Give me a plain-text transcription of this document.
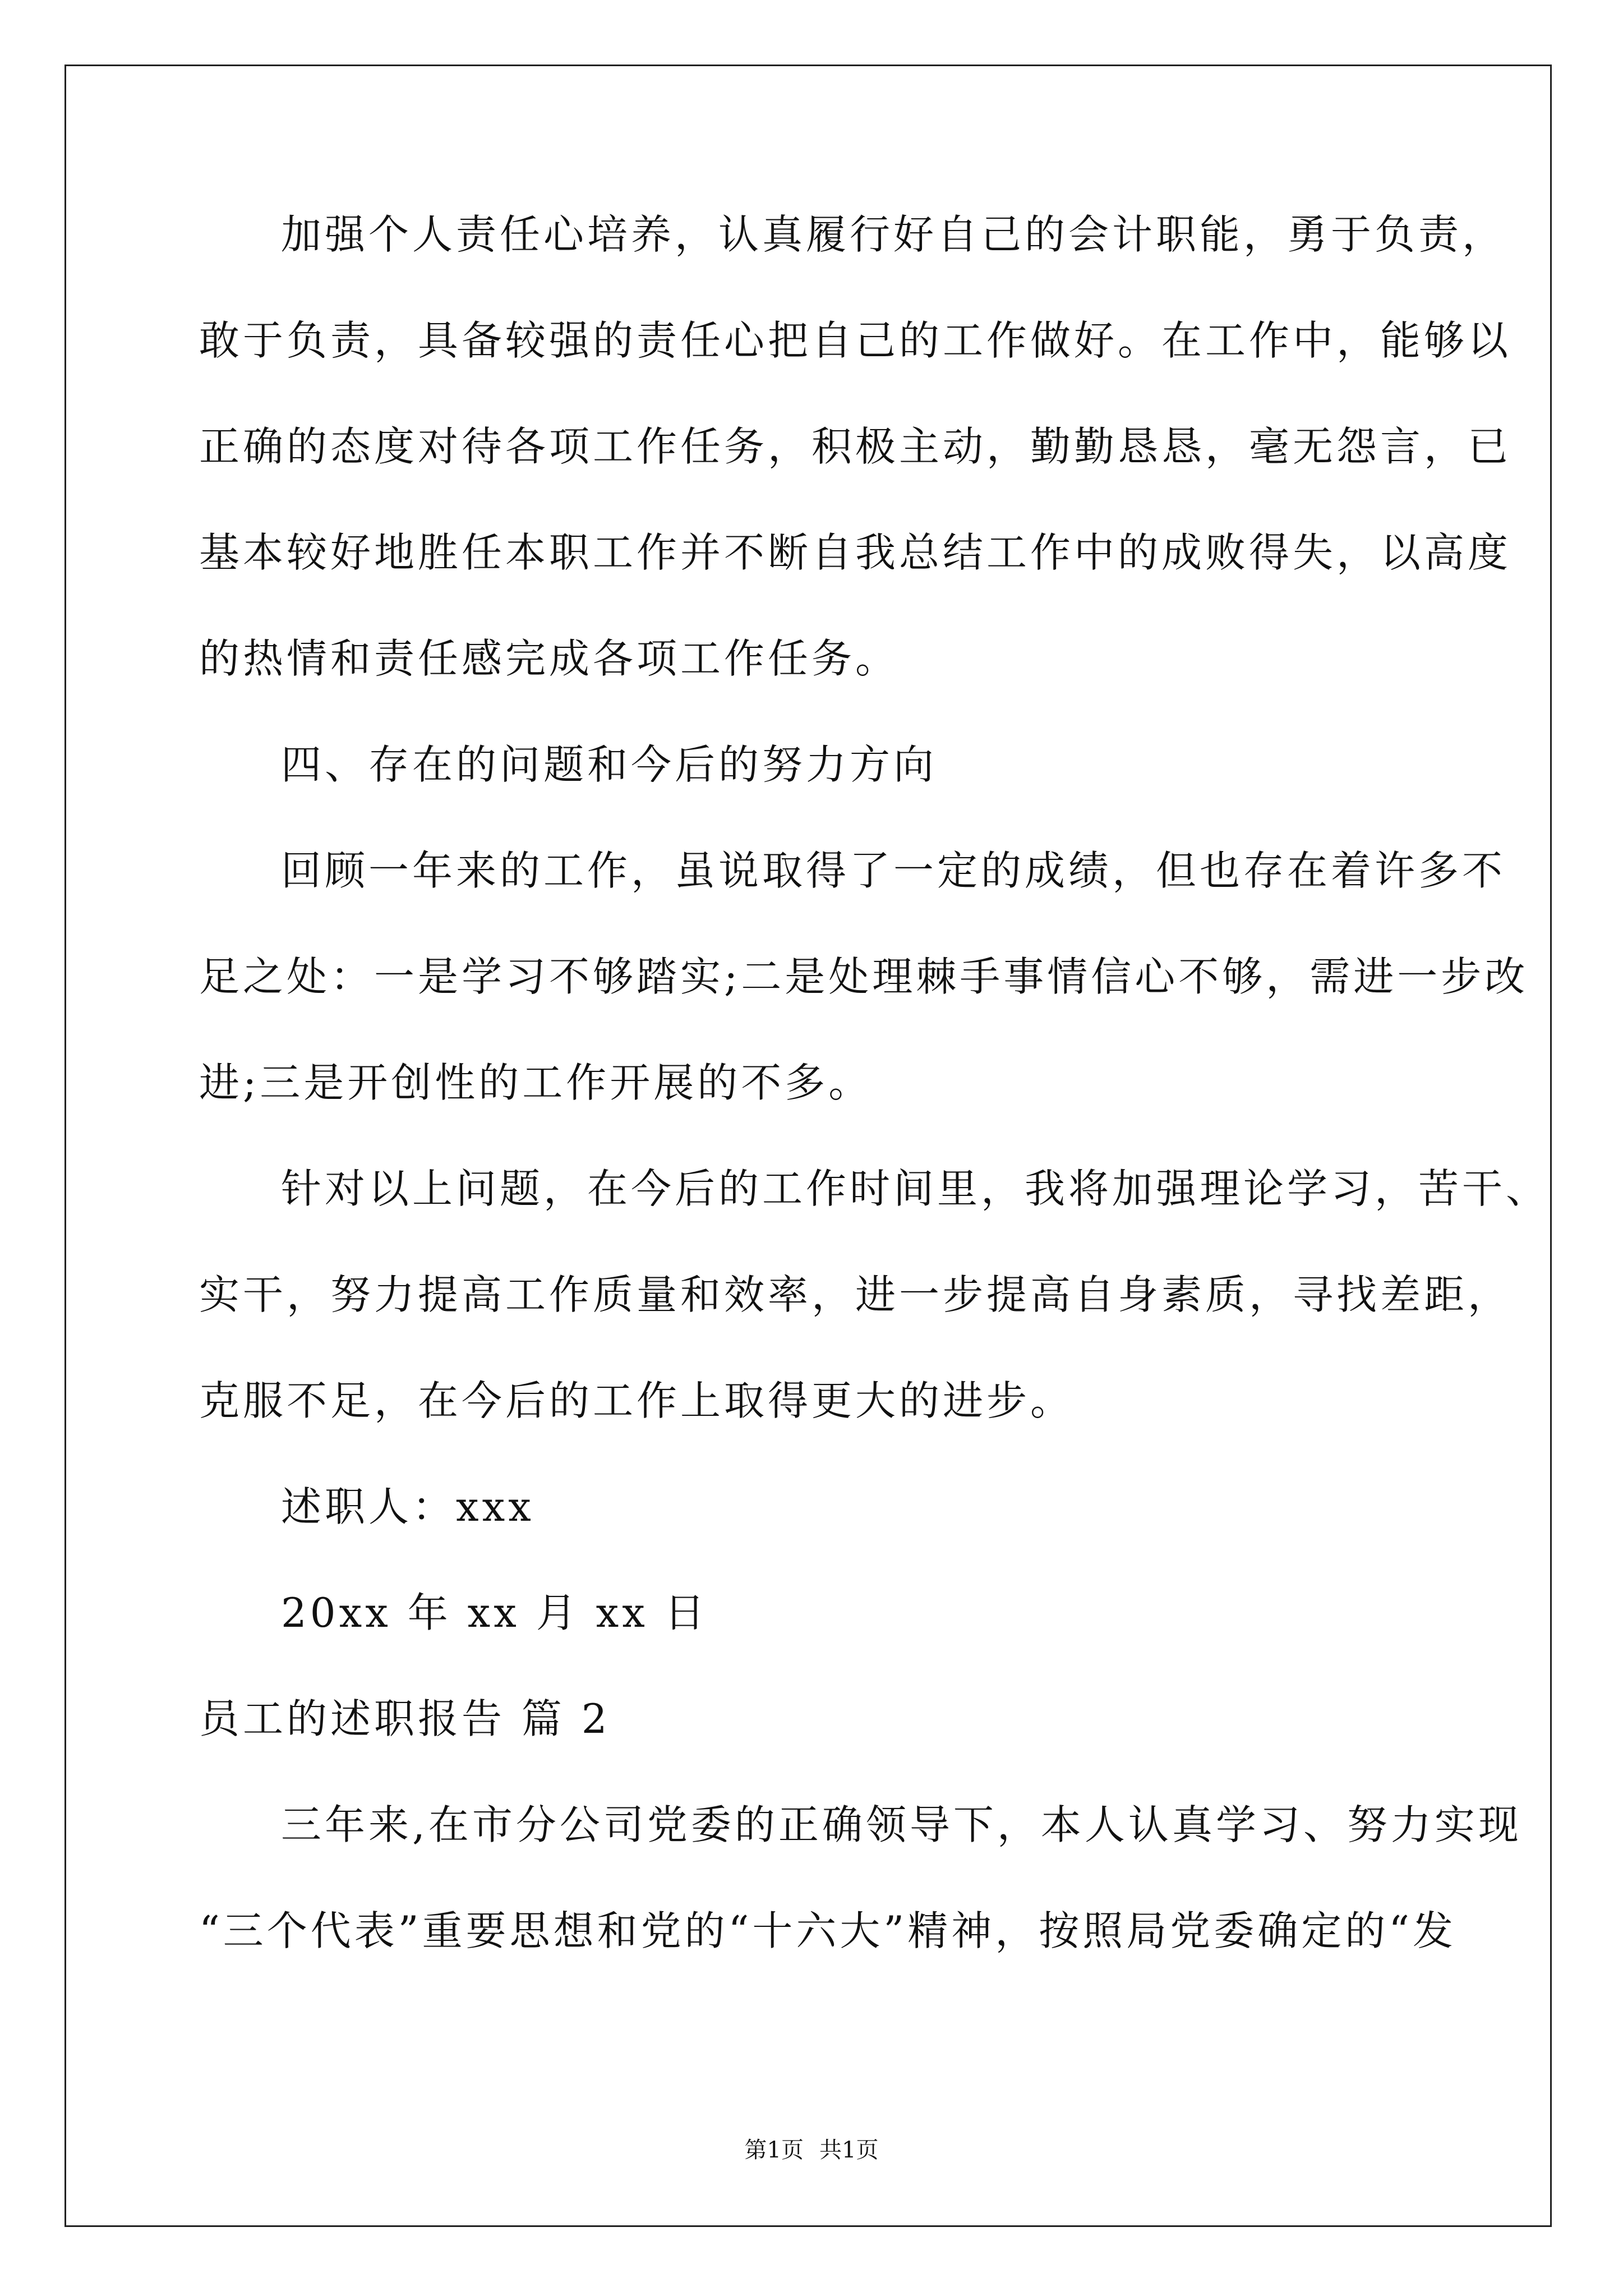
加强个人责任心培养，认真履行好自己的会计职能，勇于负责，
敢于负责，具备较强的责任心把自己的工作做好。在工作中，能够以
正确的态度对待各项工作任务，积极主动，勤勤恳恳，毫无怨言，已
基本较好地胜任本职工作并不断自我总结工作中的成败得失，以高度
的热情和责任感完成各项工作任务。
四、存在的问题和今后的努力方向
回顾一年来的工作，虽说取得了一定的成绩，但也存在着许多不
足之处：一是学习不够踏实;二是处理棘手事情信心不够，需进一步改
进;三是开创性的工作开展的不多。
针对以上问题，在今后的工作时间里，我将加强理论学习，苦干、
实干，努力提高工作质量和效率，进一步提高自身素质，寻找差距，
克服不足，在今后的工作上取得更大的进步。
述职人：xxx
20xx 年 xx 月 xx 日
员工的述职报告 篇 2
三年来,在市分公司党委的正确领导下，本人认真学习、努力实现
“三个代表”重要思想和党的“十六大”精神，按照局党委确定的“发
第1页 共1页
